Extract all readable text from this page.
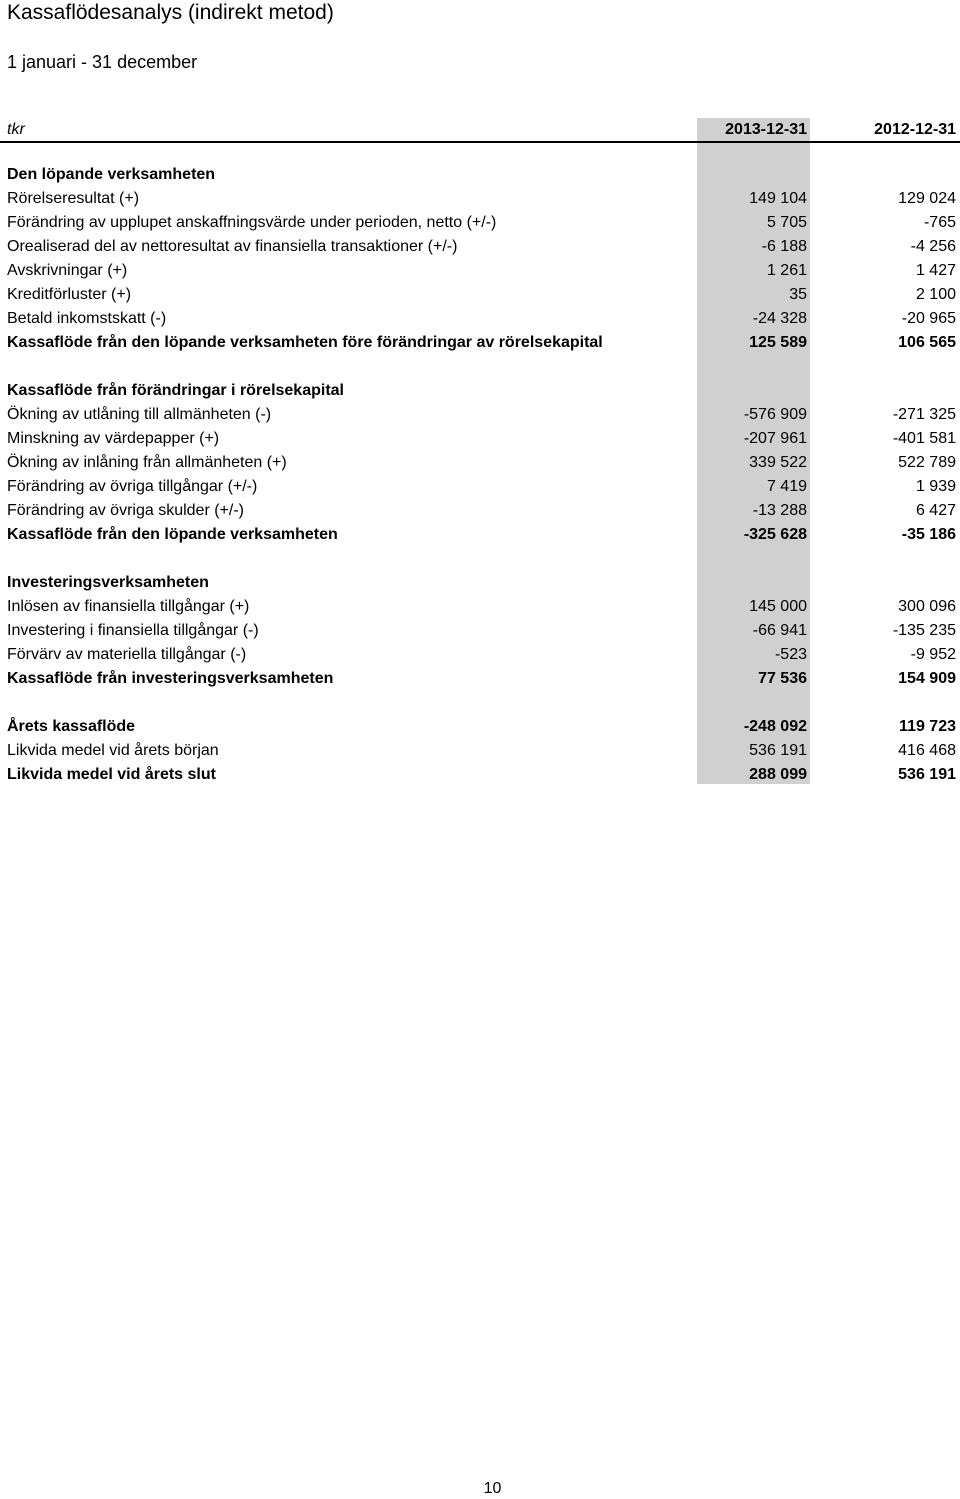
Kassaflödesanalys (indirekt metod)
1 januari - 31 december
tkr	2013-12-31	2012-12-31
Den löpande verksamheten
Rörelseresultat (+)	149 104	129 024
Förändring av upplupet anskaffningsvärde under perioden, netto (+/-)	5 705	-765
Orealiserad del av nettoresultat av finansiella transaktioner (+/-)	-6 188	-4 256
Avskrivningar (+)	1 261	1 427
Kreditförluster (+)	35	2 100
Betald inkomstskatt (-)	-24 328	-20 965
Kassaflöde från den löpande verksamheten före förändringar av rörelsekapital	125 589	106 565
Kassaflöde från förändringar i rörelsekapital
Ökning av utlåning till allmänheten (-)	-576 909	-271 325
Minskning av värdepapper (+)	-207 961	-401 581
Ökning av inlåning från allmänheten (+)	339 522	522 789
Förändring av övriga tillgångar (+/-)	7 419	1 939
Förändring av övriga skulder (+/-)	-13 288	6 427
Kassaflöde från den löpande verksamheten	-325 628	-35 186
Investeringsverksamheten
Inlösen av finansiella tillgångar (+)	145 000	300 096
Investering i finansiella tillgångar (-)	-66 941	-135 235
Förvärv av materiella tillgångar (-)	-523	-9 952
Kassaflöde från investeringsverksamheten	77 536	154 909
Årets kassaflöde	-248 092	119 723
Likvida medel vid årets början	536 191	416 468
Likvida medel vid årets slut	288 099	536 191
10
